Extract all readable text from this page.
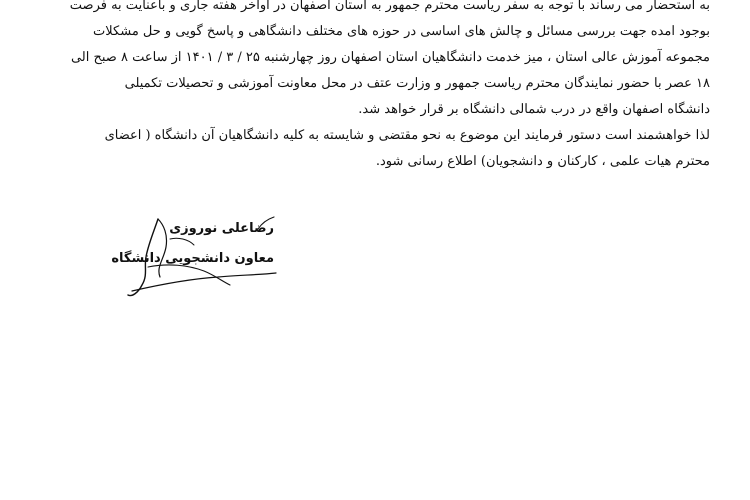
به استحضار می رساند با توجه به سفر ریاست محترم جمهور به استان اصفهان در اواخر هفته جاری و باعنایت به فرصت
بوجود امده جهت بررسی مسائل و چالش های اساسی در حوزه های مختلف دانشگاهی و پاسخ گویی و حل مشکلات
مجموعه آموزش عالی استان ، میز خدمت دانشگاهیان استان اصفهان روز چهارشنبه ۲۵ / ۳ / ۱۴۰۱ از ساعت ۸ صبح الی
۱۸ عصر با حضور نمایندگان محترم ریاست جمهور و وزارت عتف در محل معاونت آموزشی و تحصیلات تکمیلی
دانشگاه اصفهان واقع در درب شمالی دانشگاه بر قرار خواهد شد.
لذا خواهشمند است دستور فرمایند این موضوع به نحو مقتضی و شایسته به کلیه دانشگاهیان آن دانشگاه ( اعضای
محترم هیات علمی ، کارکنان و دانشجویان) اطلاع رسانی شود.
رضاعلی نوروزی
معاون دانشجویی دانشگاه
